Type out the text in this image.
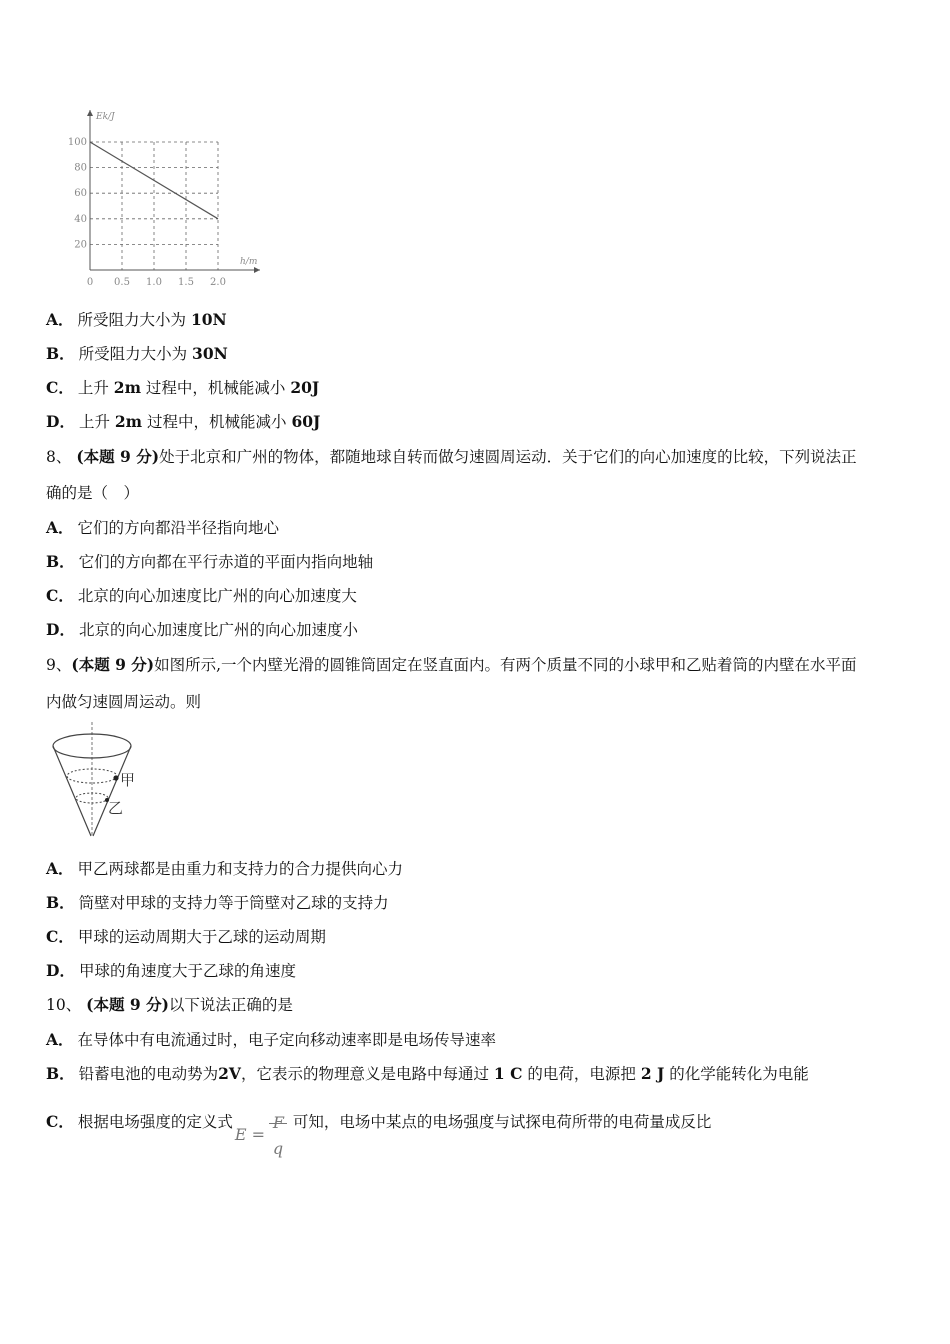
0 0.5 1.0 1.5 2.0
20
40
60
80
100
Ek/J
h/m
A． 所受阻力大小为 10N
B． 所受阻力大小为 30N
C． 上升 2m 过程中，机械能减小 20J
D． 上升 2m 过程中，机械能减小 60J
8、 (本题 9 分)处于北京和广州的物体，都随地球自转而做匀速圆周运动．关于它们的向心加速度的比较，下列说法正
确的是（　）
A． 它们的方向都沿半径指向地心
B． 它们的方向都在平行赤道的平面内指向地轴
C． 北京的向心加速度比广州的向心加速度大
D． 北京的向心加速度比广州的向心加速度小
9、(本题 9 分)如图所示,一个内壁光滑的圆锥筒固定在竖直面内。有两个质量不同的小球甲和乙贴着筒的内壁在水平面
内做匀速圆周运动。则
甲
乙
A． 甲乙两球都是由重力和支持力的合力提供向心力
B． 筒壁对甲球的支持力等于筒壁对乙球的支持力
C． 甲球的运动周期大于乙球的运动周期
D． 甲球的角速度大于乙球的角速度
10、 (本题 9 分)以下说法正确的是
A． 在导体中有电流通过时，电子定向移动速率即是电场传导速率
B． 铅蓄电池的电动势为2V，它表示的物理意义是电路中每通过 1 C 的电荷，电源把 2 J 的化学能转化为电能
C． 根据电场强度的定义式
E =
q
可知，电场中某点的电场强度与试探电荷所带的电荷量成反比
